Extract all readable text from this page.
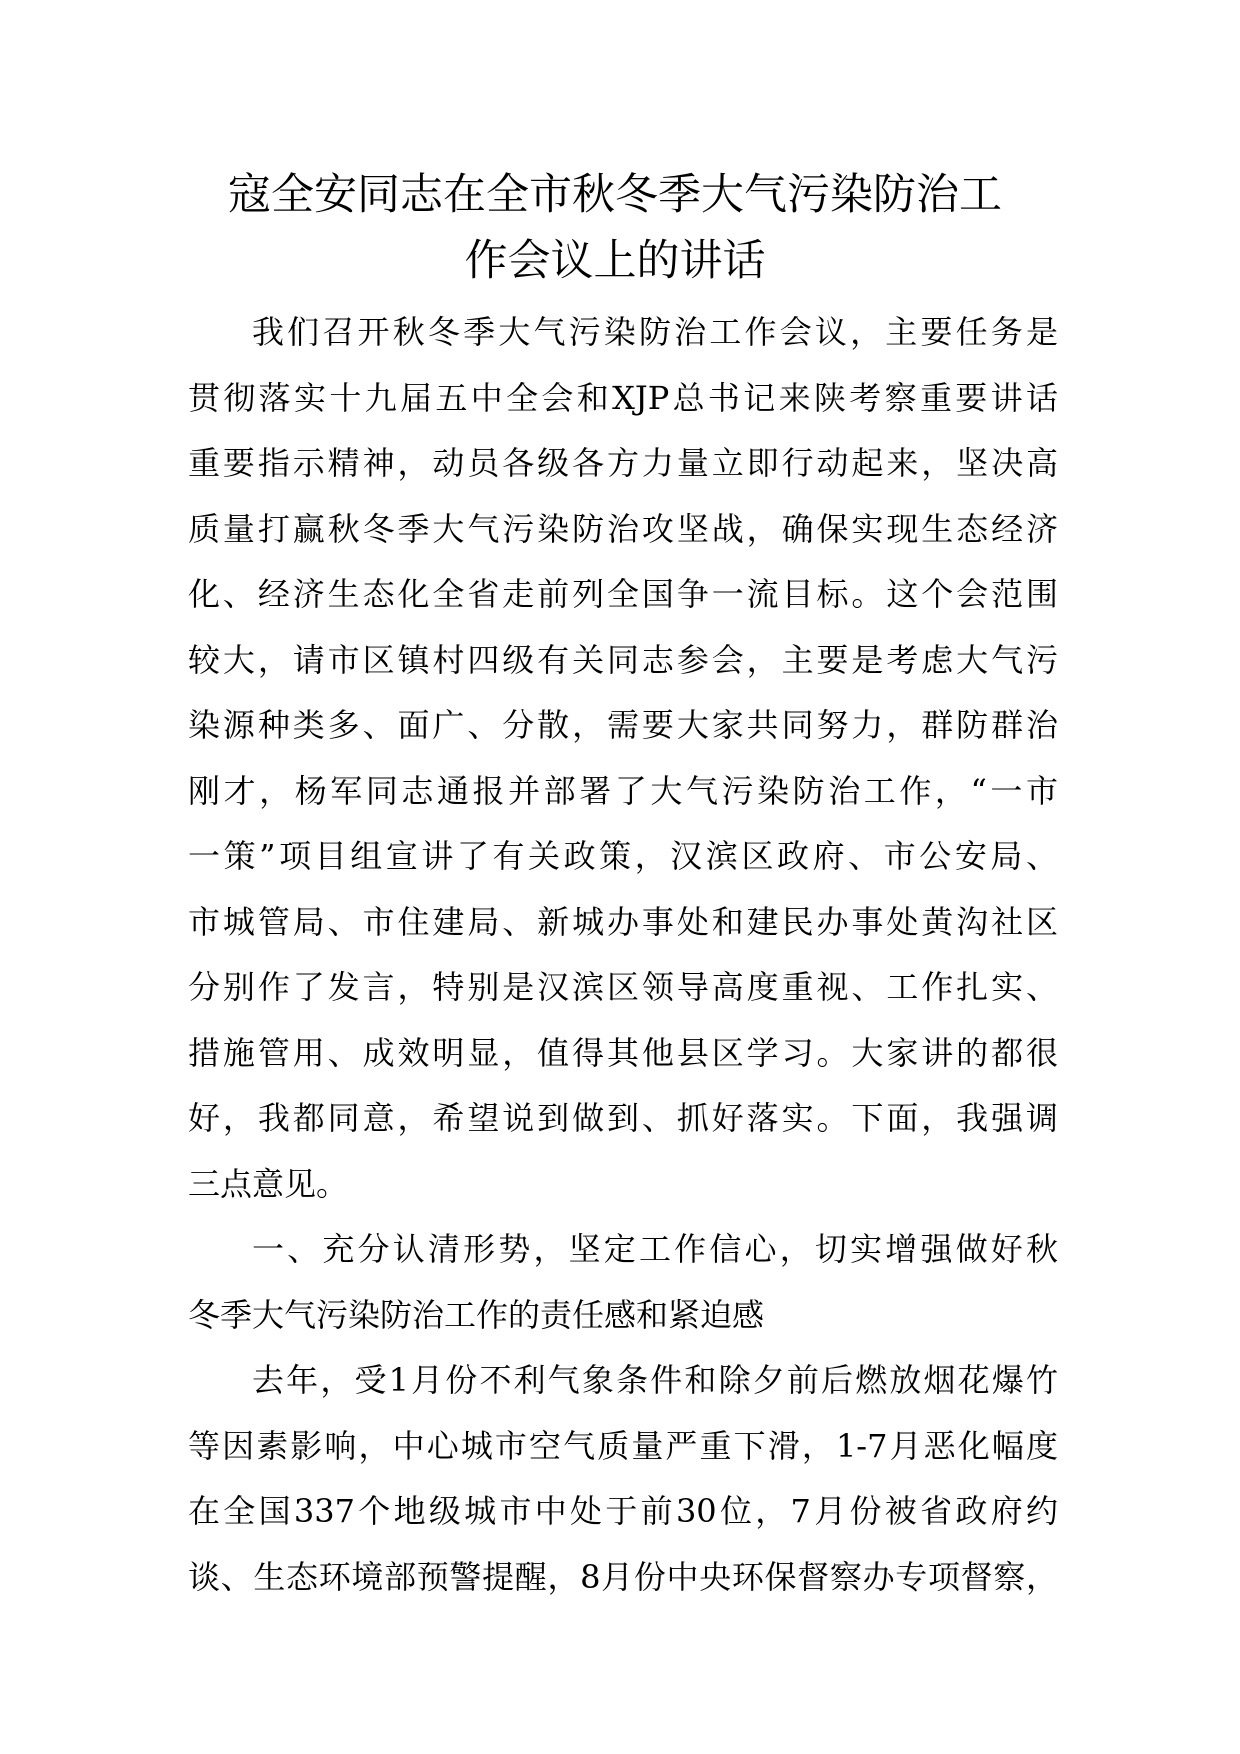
寇全安同志在全市秋冬季大气污染防治工
作会议上的讲话
我们召开秋冬季大气污染防治工作会议，主要任务是
贯彻落实十九届五中全会和XJP总书记来陕考察重要讲话
重要指示精神，动员各级各方力量立即行动起来，坚决高
质量打赢秋冬季大气污染防治攻坚战，确保实现生态经济
化、经济生态化全省走前列全国争一流目标。这个会范围
较大，请市区镇村四级有关同志参会，主要是考虑大气污
染源种类多、面广、分散，需要大家共同努力，群防群治
刚才，杨军同志通报并部署了大气污染防治工作，“一市
一策”项目组宣讲了有关政策，汉滨区政府、市公安局、
市城管局、市住建局、新城办事处和建民办事处黄沟社区
分别作了发言，特别是汉滨区领导高度重视、工作扎实、
措施管用、成效明显，值得其他县区学习。大家讲的都很
好，我都同意，希望说到做到、抓好落实。下面，我强调
三点意见。
一、充分认清形势，坚定工作信心，切实增强做好秋
冬季大气污染防治工作的责任感和紧迫感
去年，受1月份不利气象条件和除夕前后燃放烟花爆竹
等因素影响，中心城市空气质量严重下滑，1-7月恶化幅度
在全国337个地级城市中处于前30位，7月份被省政府约
谈、生态环境部预警提醒，8月份中央环保督察办专项督察，
